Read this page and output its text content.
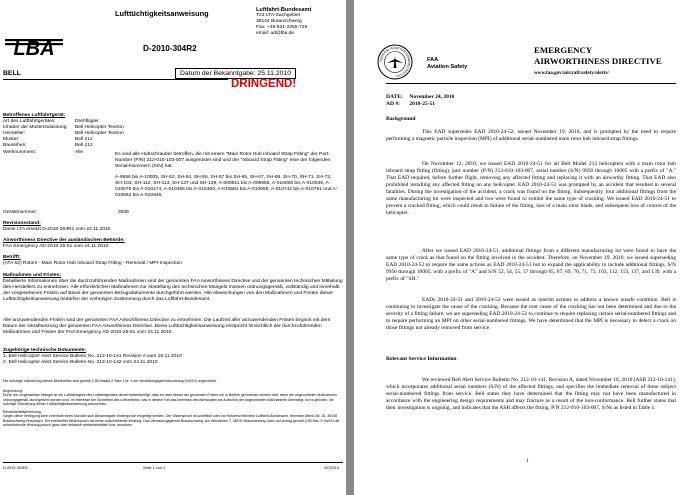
LBA
Lufttüchtigkeitsanweisung
D-2010-304R2
Luftfahrt-Bundesamt
T23 LTA-Sachgebiet
38144 Braunschweig
Fax: +49-531-2355-725
email: ad@lba.de
BELL	Datum der Bekanntgabe: 25.11.2010
DRINGEND!
Betroffenes Luftfahrtgerät:
Art des Luftfahrtgerätes:	Drehflügler
Inhaber der Musterzulassung:	Bell Helicopter Textron
Hersteller:	Bell Helicopter Textron
Muster:	Bell 212
Baureihen:	Bell 212
Werknummern:	Alle	Es sind alle Hubschrauber betroffen, die mit einem "Main Rotor Hub Inboard Strap Fitting" der Part-Number (P/N) 212-010-103-007 ausgerüstet sind und der "Inboard Strap Fitting" eine der folgenden Serial-Nummern (S/N) hat:
A-9956 bis A-10005, SH-52, SH-54, SH-55, SH-57 bis SH-65, SH-67, SH-69, SH-70, SH-71, SH-73, SH-103, SH-112, SH-113, SH-137 und SH-139, A-009911 bis A-009955, A-010006 bis A-010049, A-010075 bis A-010174, A-010455 bis A-010460, A-010581 bis A-010655, A-010742 bis A-010791 und A-010862 bis A-010946.
Gerätenummer:	3039
Revisionsstand:
Diese LTA ersetzt D-2010-304R1 vom 22.11.2010
Airworthiness Directive der ausländischen Behörde:
FAA Emergency AD 2010-25-51 vom 24.11.2010
Betrifft:
(ATA 62) Rotors - Main Rotor Hub Inboard Strap Fitting - Removal / MPI-Inspection
Maßnahmen und Fristen:
Detaillierte Informationen über die durchzuführenden Maßnahmen sind der genannten FAA Airworthiness Directive und der genannten technischen Mitteilung des Herstellers zu entnehmen. Alle erforderlichen Maßnahmen zur Abstellung des technischen Mangels müssen ordnungsgemäß, vollständig und innerhalb der vorgesehenen Fristen auf Basis der genannten Bezugsdokumente durchgeführt werden. Alle Abweichungen von den Maßnahmen und Fristen dieser Lufttüchtigkeitsanweisung bedürfen der vorherigen Zustimmung durch das Luftfahrt-Bundesamt.
Alle anzuwendenden Fristen sind der genannten FAA Airworthiness Directive zu entnehmen. Die Laufzeit aller anzuwendenden Fristen beginnt mit dem Datum der Inkraftsetzung der genannten FAA Airworthiness Directive. Diese Lufttüchtigkeitsanweisung entspricht hinsichtlich der durchzuführenden Maßnahmen und Fristen der FAA Emergency AD 2010-25-51 vom 24.11.2010.
Zugehörige technische Dokumente:
1. Bell Helicopter Alert Service Bulletin No. 212-10-141 Revision A vom 18.11.2010
2. Bell Helicopter Alert Service Bulletin No. 212-10-142 vom 24.11.2010
Die sofortige Vollziehung dieses Bescheides wird gemäß § 80 Absatz 2 Satz 1 Nr. 4 der Verwaltungsgerichtsordnung (VwGO) angeordnet.
Begründung:
Durch die vorgenannten Mängel ist die Lufttüchtigkeit des Luftfahrtgerätes derart beeinträchtigt, dass es nach Ablauf der genannten Fristen nur in Betrieb genommen werden darf, wenn die angeordneten Maßnahmen ordnungsgemäß durchgeführt worden sind. Im Interesse der Sicherheit des Luftverkehrs, das in diesem Fall das Interesse des Adressaten am Aufschub der angeordneten Maßnahmen überwiegt, ist es geboten, die sofortige Vollziehung dieser Lufttüchtigkeitsanweisung anzuordnen.
Rechtsbehelfsbelehrung:
Gegen diese Verfügung kann innerhalb eines Monats nach Bekanntgabe Widerspruch eingelegt werden. Der Widerspruch ist schriftlich oder zur Niederschrift beim Luftfahrt-Bundesamt, Hermann-Blenk-Str. 26, 38108 Braunschweig einzulegen. Ein eventueller Widerspruch hat keine aufschiebende Wirkung. Das Verwaltungsgericht Braunschweig, Am Wendentor 7, 38100 Braunschweig, kann auf Antrag gemäß § 80 Abs. 5 VwGO die aufschiebende Wirkung jedoch ganz oder teilweise wiederherstellen bzw. anordnen.
D-2010-304R2	Seite 1 von 1	5/0/2010
FEDERAL AVIATION ADMINISTRATION
FAA
Aviation Safety
EMERGENCY
AIRWORTHINESS DIRECTIVE
www.faa.gov/aircraft/safety/alerts/
DATE: November 24, 2010
AD #: 2010-25-51
Background
This EAD supersedes EAD 2010-24-52, issued November 19, 2010, and is prompted by the need to require performing a magnetic particle inspection (MPI) of additional serial-numbered main rotor hub inboard strap fittings.
On November 12, 2010, we issued EAD 2010-24-51 for all Bell Model 212 helicopters with a main rotor hub inboard strap fitting (fitting), part number (P/N) 212-010-103-007, serial number (S/N) 9956 through 10005 with a prefix of "A." That EAD required, before further flight, removing any affected fitting and replacing it with an airworthy fitting. That EAD also prohibited installing any affected fitting on any helicopter. EAD 2010-24-51 was prompted by an accident that resulted in several fatalities. During the investigation of the accident, a crack was found on the fitting. Subsequently, four additional fittings from the same manufacturing lot were inspected and two were found to exhibit the same type of cracking. We issued EAD 2010-24-51 to prevent a cracked fitting, which could result in failure of the fitting, loss of a main rotor blade, and subsequent loss of control of the helicopter.
After we issued EAD 2010-24-51, additional fittings from a different manufacturing lot were found to have the same type of crack as that found on the fitting involved in the accident. Therefore, on November 19, 2010, we issued superseding EAD 2010-24-52 to require the same actions as EAD 2010-24-51 but to expand the applicability to include additional fittings, S/N 9956 through 10005, with a prefix of "A" and S/N 52, 54, 55, 57 through 65, 67, 69, 70, 71, 73, 103, 112, 113, 137, and 139, with a prefix of "SH."
EADs 2010-24-51 and 2010-24-52 were issued as interim actions to address a known unsafe condition. Bell is continuing to investigate the cause of the cracking. Because the root cause of the cracking has not been determined and due to the severity of a fitting failure, we are superseding EAD 2010-24-52 to continue to require replacing certain serial-numbered fittings and to require performing an MPI on other serial-numbered fittings. We have determined that the MPI is necessary to detect a crack on those fittings not already removed from service.
Relevant Service Information
We reviewed Bell Alert Service Bulletin No. 212-10-141, Revision A, dated November 18, 2010 (ASB 212-10-141), which incorporates additional serial numbers (S/N) of the affected fittings, and specifies the immediate removal of these subject serial-numbered fittings from service. Bell states they have determined that the fitting may not have been manufactured in accordance with the engineering design requirements and may fracture as a result of the non-conformance. Bell further states that their investigation is ongoing, and indicates that the ASB affects the fitting, P/N 212-010-103-007, S/Ns as listed in Table 1:
1
